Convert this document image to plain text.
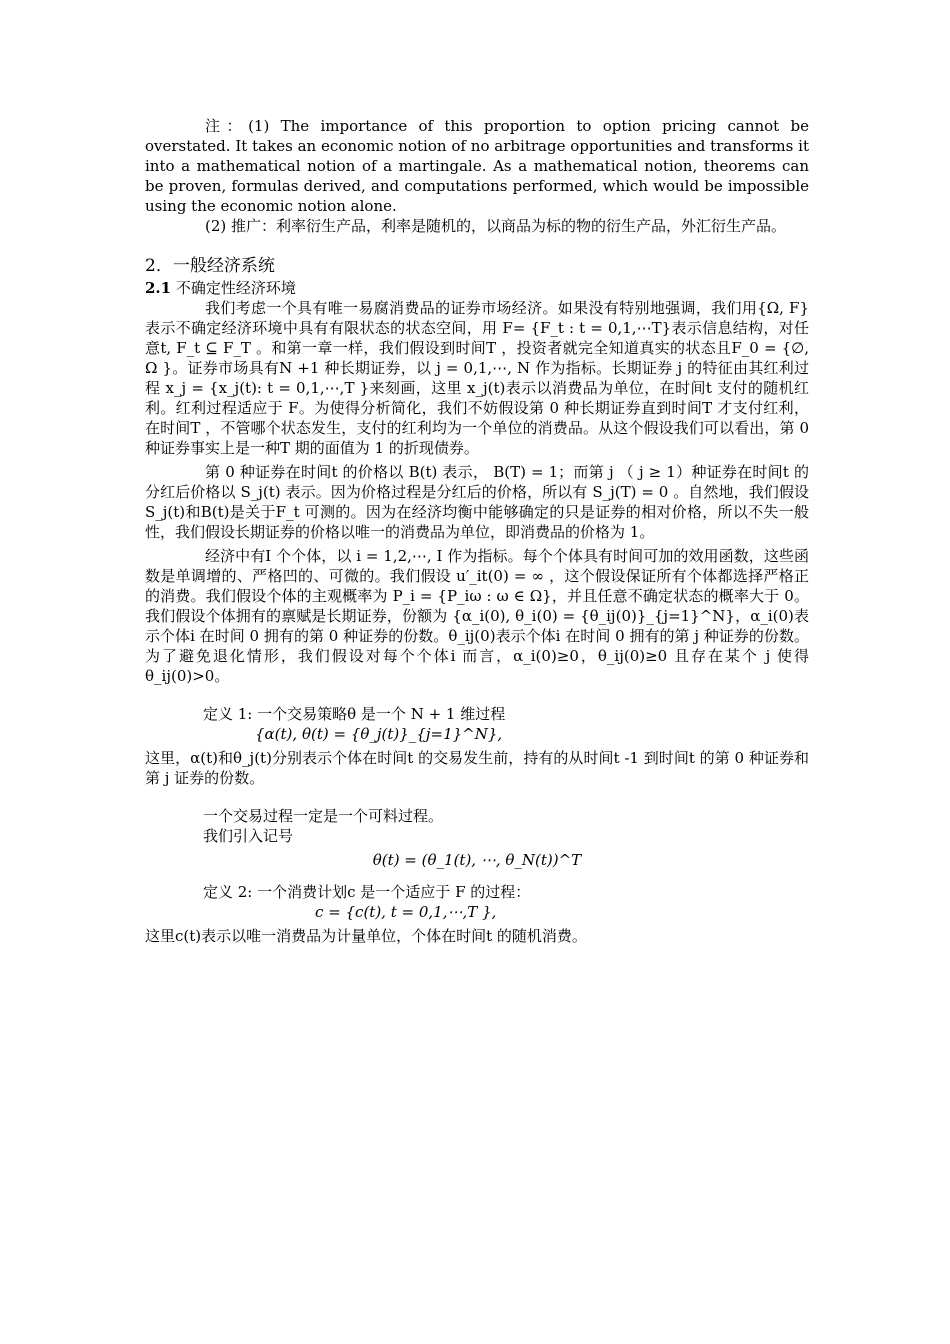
注：(1) The importance of this proportion to option pricing cannot be overstated. It takes an economic notion of no arbitrage opportunities and transforms it into a mathematical notion of a martingale. As a mathematical notion, theorems can be proven, formulas derived, and computations performed, which would be impossible using the economic notion alone.

(2) 推广：利率衍生产品，利率是随机的，以商品为标的物的衍生产品，外汇衍生产品。

2．一般经济系统

2.1 不确定性经济环境

我们考虑一个具有唯一易腐消费品的证券市场经济。如果没有特别地强调，我们用{Ω, F}表示不确定经济环境中具有有限状态的状态空间，用 F= {F_t : t = 0,1,⋯T}表示信息结构，对任意t, F_t ⊆ F_T 。和第一章一样，我们假设到时间T ，投资者就完全知道真实的状态且F_0 = {∅, Ω }。证券市场具有N +1 种长期证券，以 j = 0,1,⋯, N 作为指标。长期证券 j 的特征由其红利过程 x_j = {x_j(t): t = 0,1,⋯,T }来刻画，这里 x_j(t)表示以消费品为单位，在时间t 支付的随机红利。红利过程适应于 F。为使得分析简化，我们不妨假设第 0 种长期证券直到时间T 才支付红利，在时间T ，不管哪个状态发生，支付的红利均为一个单位的消费品。从这个假设我们可以看出，第 0 种证券事实上是一种T 期的面值为 1 的折现债券。

第 0 种证券在时间t 的价格以 B(t) 表示， B(T) = 1；而第 j （ j ≥ 1）种证券在时间t 的分红后价格以 S_j(t) 表示。因为价格过程是分红后的价格，所以有 S_j(T) = 0 。自然地，我们假设 S_j(t)和B(t)是关于F_t 可测的。因为在经济均衡中能够确定的只是证券的相对价格，所以不失一般性，我们假设长期证券的价格以唯一的消费品为单位，即消费品的价格为 1。

经济中有I 个个体，以 i = 1,2,⋯, I 作为指标。每个个体具有时间可加的效用函数，这些函数是单调增的、严格凹的、可微的。我们假设 u′_it(0) = ∞ ，这个假设保证所有个体都选择严格正的消费。我们假设个体的主观概率为 P_i = {P_iω : ω ∈ Ω}，并且任意不确定状态的概率大于 0。我们假设个体拥有的禀赋是长期证券，份额为 {α_i(0), θ_i(0) = {θ_ij(0)}_{j=1}^N}，α_i(0)表示个体i 在时间 0 拥有的第 0 种证券的份数。θ_ij(0)表示个体i 在时间 0 拥有的第 j 种证券的份数。为了避免退化情形，我们假设对每个个体i 而言，α_i(0)≥0，θ_ij(0)≥0 且存在某个 j 使得θ_ij(0)>0。

定义 1: 一个交易策略θ 是一个 N + 1 维过程

{α(t), θ(t) = {θ_j(t)}_{j=1}^N},

这里，α(t)和θ_j(t)分别表示个体在时间t 的交易发生前，持有的从时间t -1 到时间t 的第 0 种证券和第 j 证券的份数。

一个交易过程一定是一个可料过程。

我们引入记号

θ(t) = (θ_1(t), ⋯, θ_N(t))^T

定义 2: 一个消费计划c 是一个适应于 F 的过程：

c = {c(t), t = 0,1,⋯,T },

这里c(t)表示以唯一消费品为计量单位，个体在时间t 的随机消费。
